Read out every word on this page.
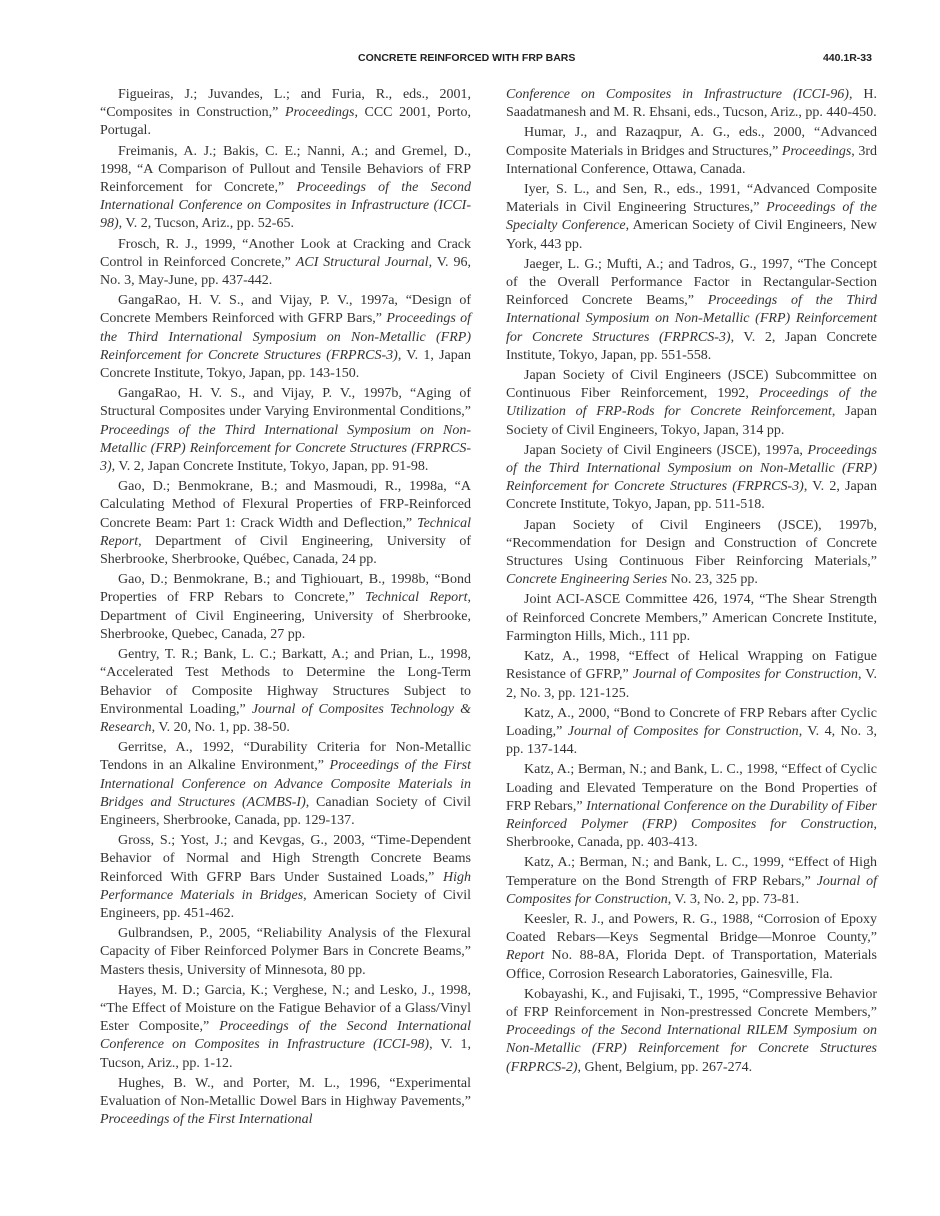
CONCRETE REINFORCED WITH FRP BARS	440.1R-33

Figueiras, J.; Juvandes, L.; and Furia, R., eds., 2001, “Composites in Construction,” Proceedings, CCC 2001, Porto, Portugal.

Freimanis, A. J.; Bakis, C. E.; Nanni, A.; and Gremel, D., 1998, “A Comparison of Pullout and Tensile Behaviors of FRP Reinforcement for Concrete,” Proceedings of the Second International Conference on Composites in Infrastructure (ICCI-98), V. 2, Tucson, Ariz., pp. 52-65.

Frosch, R. J., 1999, “Another Look at Cracking and Crack Control in Reinforced Concrete,” ACI Structural Journal, V. 96, No. 3, May-June, pp. 437-442.

GangaRao, H. V. S., and Vijay, P. V., 1997a, “Design of Concrete Members Reinforced with GFRP Bars,” Proceedings of the Third International Symposium on Non-Metallic (FRP) Reinforcement for Concrete Structures (FRPRCS-3), V. 1, Japan Concrete Institute, Tokyo, Japan, pp. 143-150.

GangaRao, H. V. S., and Vijay, P. V., 1997b, “Aging of Structural Composites under Varying Environmental Conditions,” Proceedings of the Third International Symposium on Non-Metallic (FRP) Reinforcement for Concrete Structures (FRPRCS-3), V. 2, Japan Concrete Institute, Tokyo, Japan, pp. 91-98.

Gao, D.; Benmokrane, B.; and Masmoudi, R., 1998a, “A Calculating Method of Flexural Properties of FRP-Reinforced Concrete Beam: Part 1: Crack Width and Deflection,” Technical Report, Department of Civil Engineering, University of Sherbrooke, Sherbrooke, Québec, Canada, 24 pp.

Gao, D.; Benmokrane, B.; and Tighiouart, B., 1998b, “Bond Properties of FRP Rebars to Concrete,” Technical Report, Department of Civil Engineering, University of Sherbrooke, Sherbrooke, Quebec, Canada, 27 pp.

Gentry, T. R.; Bank, L. C.; Barkatt, A.; and Prian, L., 1998, “Accelerated Test Methods to Determine the Long-Term Behavior of Composite Highway Structures Subject to Environmental Loading,” Journal of Composites Technology & Research, V. 20, No. 1, pp. 38-50.

Gerritse, A., 1992, “Durability Criteria for Non-Metallic Tendons in an Alkaline Environment,” Proceedings of the First International Conference on Advance Composite Materials in Bridges and Structures (ACMBS-I), Canadian Society of Civil Engineers, Sherbrooke, Canada, pp. 129-137.

Gross, S.; Yost, J.; and Kevgas, G., 2003, “Time-Dependent Behavior of Normal and High Strength Concrete Beams Reinforced With GFRP Bars Under Sustained Loads,” High Performance Materials in Bridges, American Society of Civil Engineers, pp. 451-462.

Gulbrandsen, P., 2005, “Reliability Analysis of the Flexural Capacity of Fiber Reinforced Polymer Bars in Concrete Beams,” Masters thesis, University of Minnesota, 80 pp.

Hayes, M. D.; Garcia, K.; Verghese, N.; and Lesko, J., 1998, “The Effect of Moisture on the Fatigue Behavior of a Glass/Vinyl Ester Composite,” Proceedings of the Second International Conference on Composites in Infrastructure (ICCI-98), V. 1, Tucson, Ariz., pp. 1-12.

Hughes, B. W., and Porter, M. L., 1996, “Experimental Evaluation of Non-Metallic Dowel Bars in Highway Pavements,” Proceedings of the First International

Conference on Composites in Infrastructure (ICCI-96), H. Saadatmanesh and M. R. Ehsani, eds., Tucson, Ariz., pp. 440-450.

Humar, J., and Razaqpur, A. G., eds., 2000, “Advanced Composite Materials in Bridges and Structures,” Proceedings, 3rd International Conference, Ottawa, Canada.

Iyer, S. L., and Sen, R., eds., 1991, “Advanced Composite Materials in Civil Engineering Structures,” Proceedings of the Specialty Conference, American Society of Civil Engineers, New York, 443 pp.

Jaeger, L. G.; Mufti, A.; and Tadros, G., 1997, “The Concept of the Overall Performance Factor in Rectangular-Section Reinforced Concrete Beams,” Proceedings of the Third International Symposium on Non-Metallic (FRP) Reinforcement for Concrete Structures (FRPRCS-3), V. 2, Japan Concrete Institute, Tokyo, Japan, pp. 551-558.

Japan Society of Civil Engineers (JSCE) Subcommittee on Continuous Fiber Reinforcement, 1992, Proceedings of the Utilization of FRP-Rods for Concrete Reinforcement, Japan Society of Civil Engineers, Tokyo, Japan, 314 pp.

Japan Society of Civil Engineers (JSCE), 1997a, Proceedings of the Third International Symposium on Non-Metallic (FRP) Reinforcement for Concrete Structures (FRPRCS-3), V. 2, Japan Concrete Institute, Tokyo, Japan, pp. 511-518.

Japan Society of Civil Engineers (JSCE), 1997b, “Recommendation for Design and Construction of Concrete Structures Using Continuous Fiber Reinforcing Materials,” Concrete Engineering Series No. 23, 325 pp.

Joint ACI-ASCE Committee 426, 1974, “The Shear Strength of Reinforced Concrete Members,” American Concrete Institute, Farmington Hills, Mich., 111 pp.

Katz, A., 1998, “Effect of Helical Wrapping on Fatigue Resistance of GFRP,” Journal of Composites for Construction, V. 2, No. 3, pp. 121-125.

Katz, A., 2000, “Bond to Concrete of FRP Rebars after Cyclic Loading,” Journal of Composites for Construction, V. 4, No. 3, pp. 137-144.

Katz, A.; Berman, N.; and Bank, L. C., 1998, “Effect of Cyclic Loading and Elevated Temperature on the Bond Properties of FRP Rebars,” International Conference on the Durability of Fiber Reinforced Polymer (FRP) Composites for Construction, Sherbrooke, Canada, pp. 403-413.

Katz, A.; Berman, N.; and Bank, L. C., 1999, “Effect of High Temperature on the Bond Strength of FRP Rebars,” Journal of Composites for Construction, V. 3, No. 2, pp. 73-81.

Keesler, R. J., and Powers, R. G., 1988, “Corrosion of Epoxy Coated Rebars—Keys Segmental Bridge—Monroe County,” Report No. 88-8A, Florida Dept. of Transportation, Materials Office, Corrosion Research Laboratories, Gainesville, Fla.

Kobayashi, K., and Fujisaki, T., 1995, “Compressive Behavior of FRP Reinforcement in Non-prestressed Concrete Members,” Proceedings of the Second International RILEM Symposium on Non-Metallic (FRP) Reinforcement for Concrete Structures (FRPRCS-2), Ghent, Belgium, pp. 267-274.
